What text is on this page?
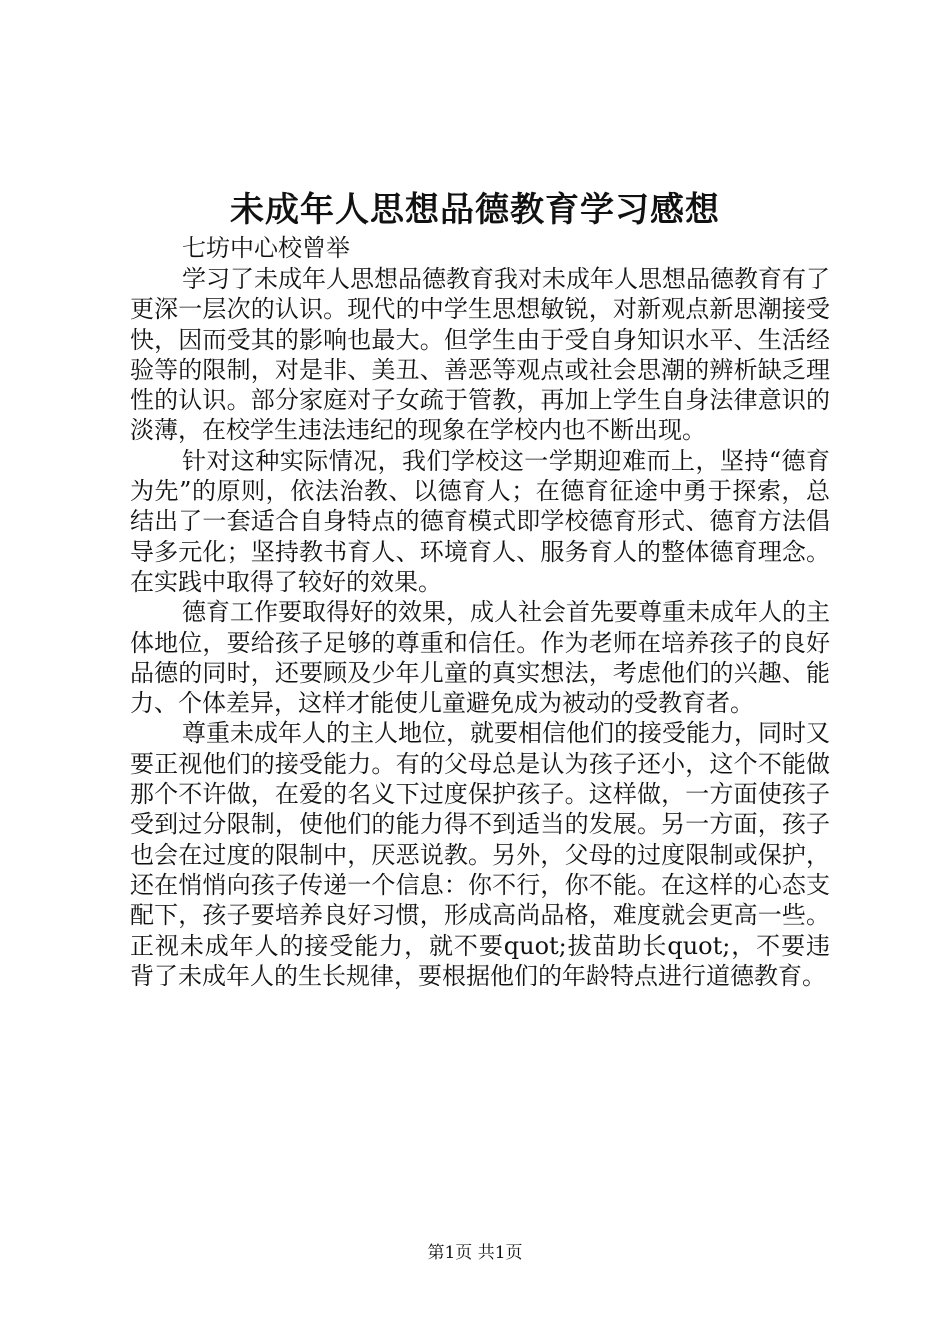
未成年人思想品德教育学习感想

七坊中心校曾举

学习了未成年人思想品德教育我对未成年人思想品德教育有了更深一层次的认识。现代的中学生思想敏锐，对新观点新思潮接受快，因而受其的影响也最大。但学生由于受自身知识水平、生活经验等的限制，对是非、美丑、善恶等观点或社会思潮的辨析缺乏理性的认识。部分家庭对子女疏于管教，再加上学生自身法律意识的淡薄，在校学生违法违纪的现象在学校内也不断出现。

针对这种实际情况，我们学校这一学期迎难而上，坚持“德育为先”的原则，依法治教、以德育人；在德育征途中勇于探索，总结出了一套适合自身特点的德育模式即学校德育形式、德育方法倡导多元化；坚持教书育人、环境育人、服务育人的整体德育理念。在实践中取得了较好的效果。

德育工作要取得好的效果，成人社会首先要尊重未成年人的主体地位，要给孩子足够的尊重和信任。作为老师在培养孩子的良好品德的同时，还要顾及少年儿童的真实想法，考虑他们的兴趣、能力、个体差异，这样才能使儿童避免成为被动的受教育者。

尊重未成年人的主人地位，就要相信他们的接受能力，同时又要正视他们的接受能力。有的父母总是认为孩子还小，这个不能做那个不许做，在爱的名义下过度保护孩子。这样做，一方面使孩子受到过分限制，使他们的能力得不到适当的发展。另一方面，孩子也会在过度的限制中，厌恶说教。另外，父母的过度限制或保护，还在悄悄向孩子传递一个信息：你不行，你不能。在这样的心态支配下，孩子要培养良好习惯，形成高尚品格，难度就会更高一些。正视未成年人的接受能力，就不要quot;拔苗助长quot;，不要违背了未成年人的生长规律，要根据他们的年龄特点进行道德教育。

第1页 共1页
